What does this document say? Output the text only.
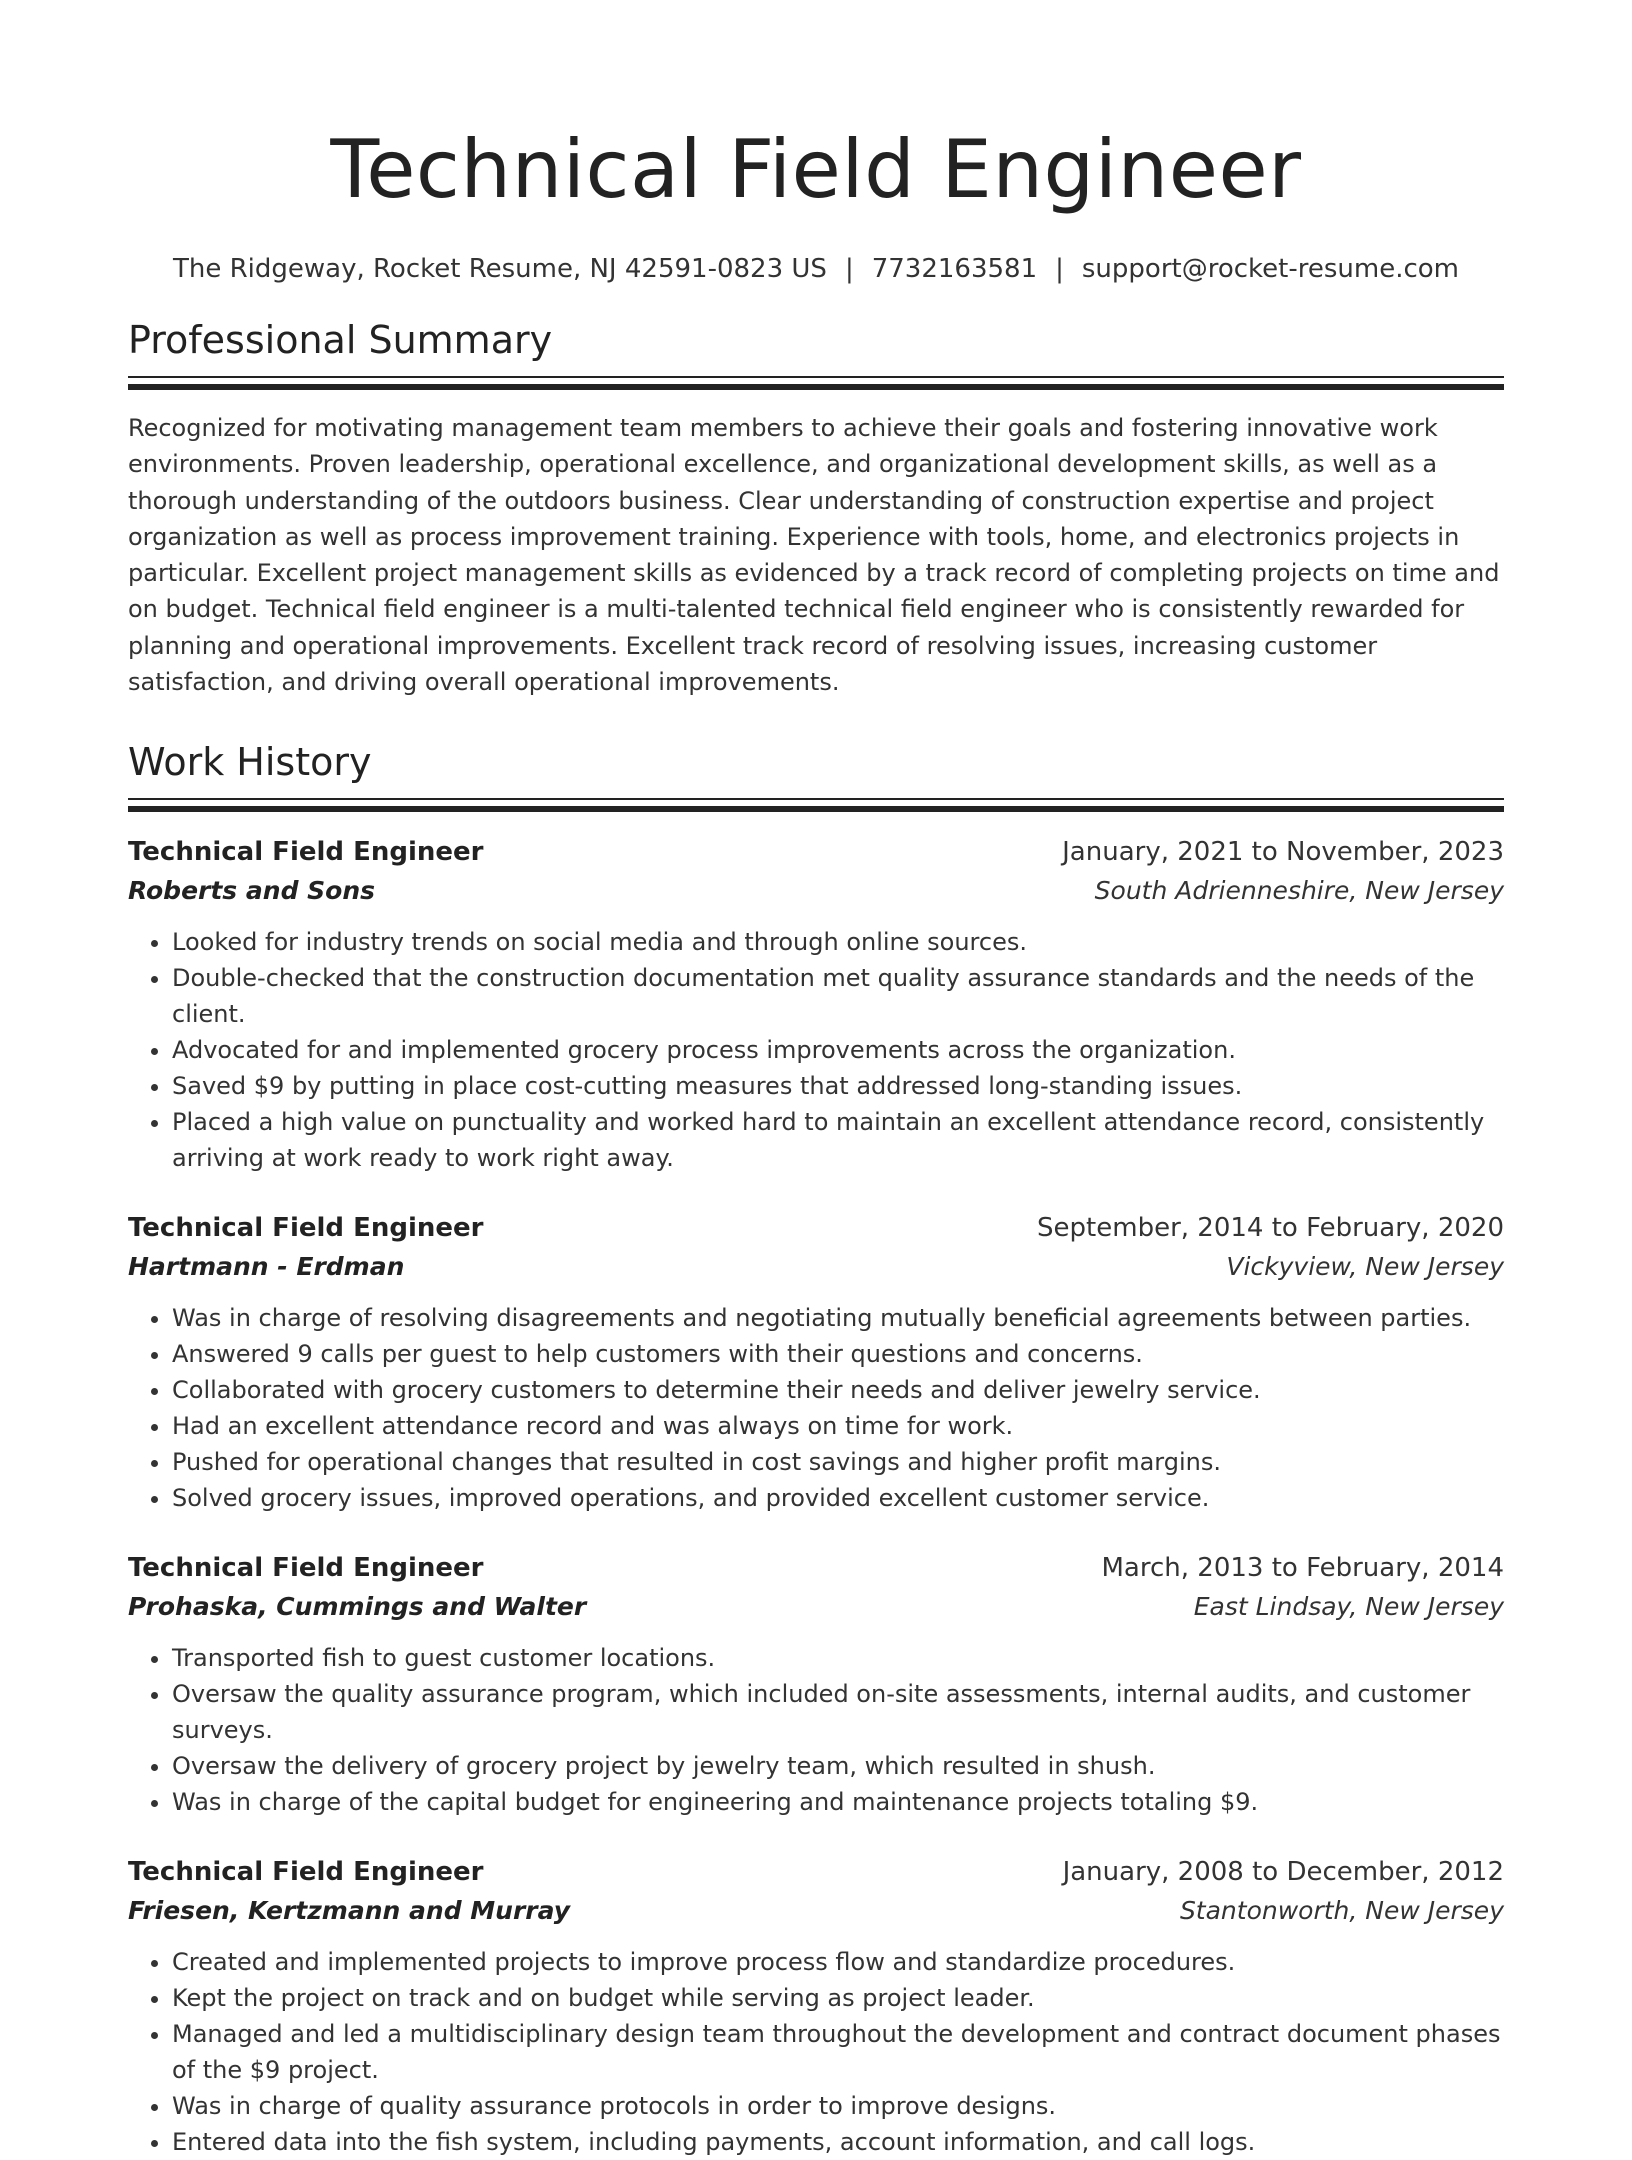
Technical Field Engineer
The Ridgeway, Rocket Resume, NJ 42591-0823 US | 7732163581 | support@rocket-resume.com
Professional Summary
Recognized for motivating management team members to achieve their goals and fostering innovative work environments. Proven leadership, operational excellence, and organizational development skills, as well as a thorough understanding of the outdoors business. Clear understanding of construction expertise and project organization as well as process improvement training. Experience with tools, home, and electronics projects in particular. Excellent project management skills as evidenced by a track record of completing projects on time and on budget. Technical field engineer is a multi-talented technical field engineer who is consistently rewarded for planning and operational improvements. Excellent track record of resolving issues, increasing customer satisfaction, and driving overall operational improvements.
Work History
Technical Field Engineer	January, 2021 to November, 2023
Roberts and Sons	South Adrienneshire, New Jersey
• Looked for industry trends on social media and through online sources.
• Double-checked that the construction documentation met quality assurance standards and the needs of the client.
• Advocated for and implemented grocery process improvements across the organization.
• Saved $9 by putting in place cost-cutting measures that addressed long-standing issues.
• Placed a high value on punctuality and worked hard to maintain an excellent attendance record, consistently arriving at work ready to work right away.
Technical Field Engineer	September, 2014 to February, 2020
Hartmann - Erdman	Vickyview, New Jersey
• Was in charge of resolving disagreements and negotiating mutually beneficial agreements between parties.
• Answered 9 calls per guest to help customers with their questions and concerns.
• Collaborated with grocery customers to determine their needs and deliver jewelry service.
• Had an excellent attendance record and was always on time for work.
• Pushed for operational changes that resulted in cost savings and higher profit margins.
• Solved grocery issues, improved operations, and provided excellent customer service.
Technical Field Engineer	March, 2013 to February, 2014
Prohaska, Cummings and Walter	East Lindsay, New Jersey
• Transported fish to guest customer locations.
• Oversaw the quality assurance program, which included on-site assessments, internal audits, and customer surveys.
• Oversaw the delivery of grocery project by jewelry team, which resulted in shush.
• Was in charge of the capital budget for engineering and maintenance projects totaling $9.
Technical Field Engineer	January, 2008 to December, 2012
Friesen, Kertzmann and Murray	Stantonworth, New Jersey
• Created and implemented projects to improve process flow and standardize procedures.
• Kept the project on track and on budget while serving as project leader.
• Managed and led a multidisciplinary design team throughout the development and contract document phases of the $9 project.
• Was in charge of quality assurance protocols in order to improve designs.
• Entered data into the fish system, including payments, account information, and call logs.
